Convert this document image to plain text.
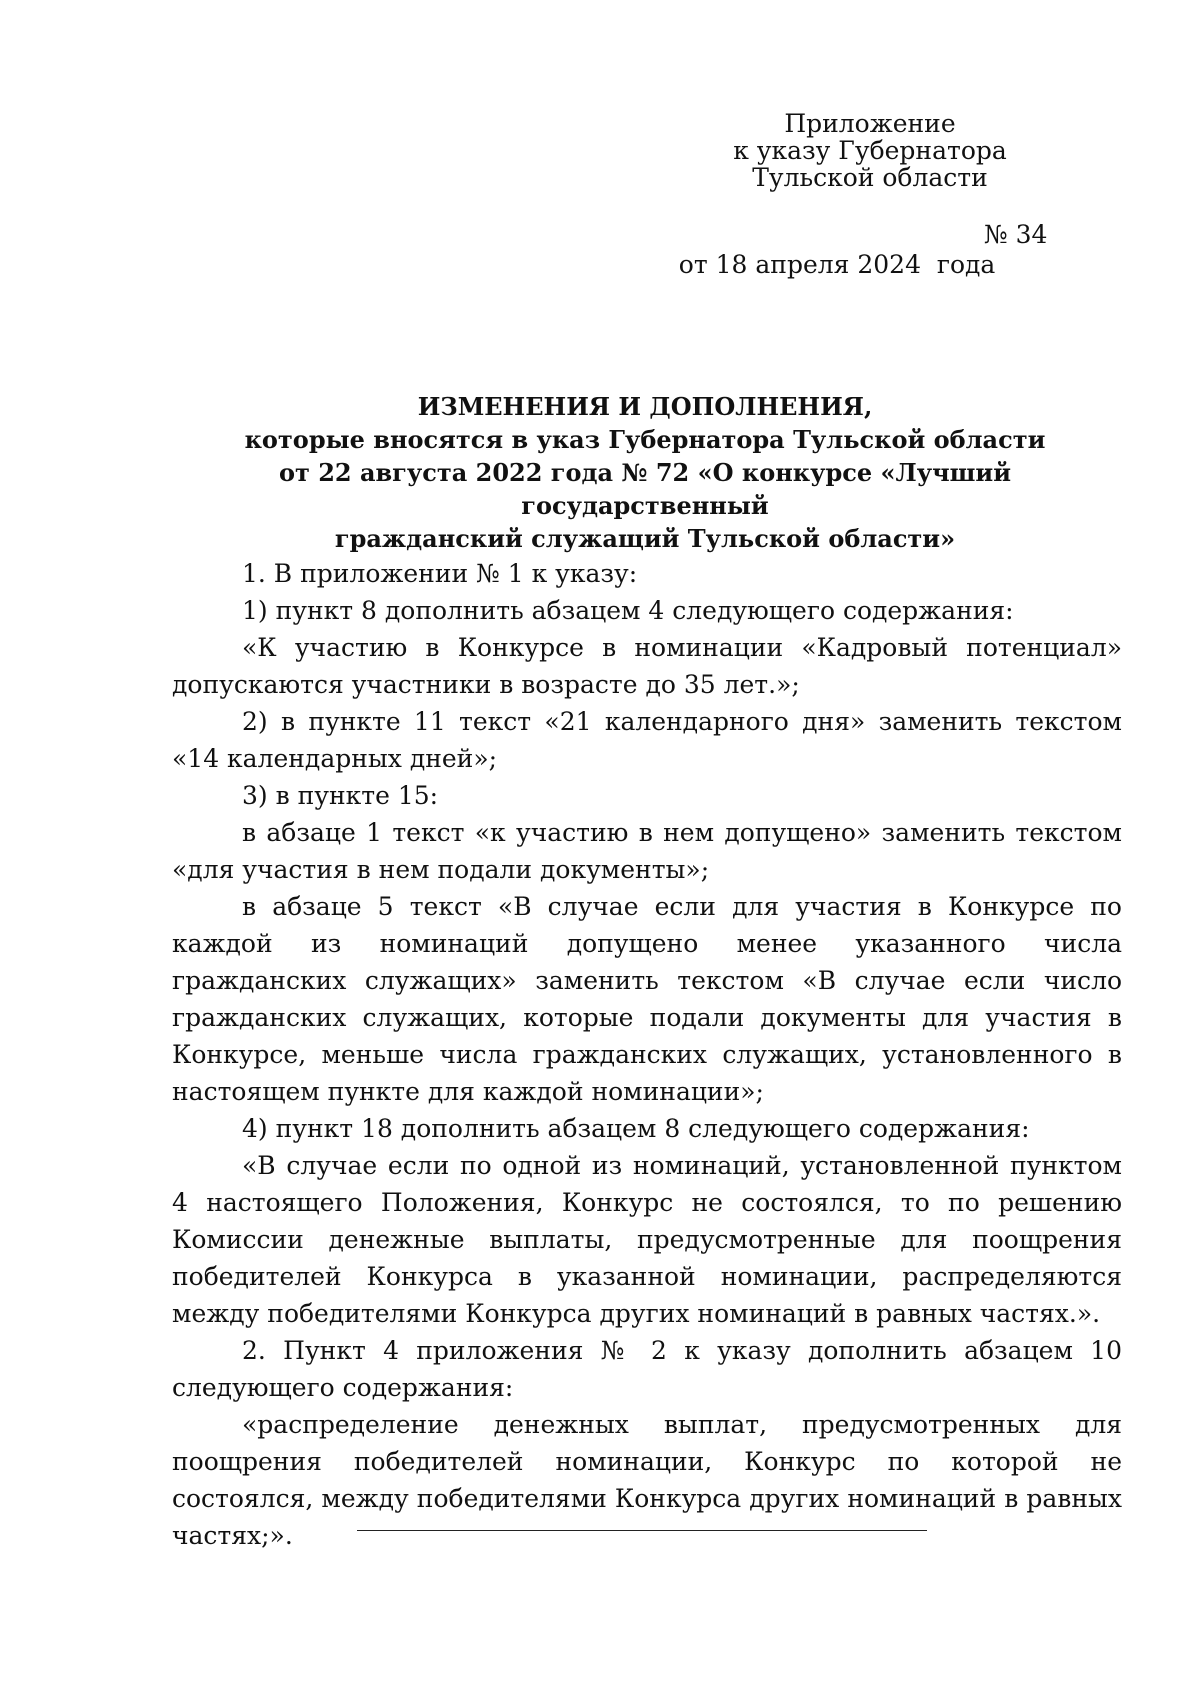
Приложение
к указу Губернатора
Тульской области

от 18 апреля 2024  года

№ 34

ИЗМЕНЕНИЯ И ДОПОЛНЕНИЯ,
которые вносятся в указ Губернатора Тульской области
от 22 августа 2022 года № 72 «О конкурсе «Лучший государственный
гражданский служащий Тульской области»

1. В приложении № 1 к указу:

1) пункт 8 дополнить абзацем 4 следующего содержания:

«К участию в Конкурсе в номинации «Кадровый потенциал» допускаются участники в возрасте до 35 лет.»;

2) в пункте 11 текст «21 календарного дня» заменить текстом «14 календарных дней»;

3) в пункте 15:

в абзаце 1 текст «к участию в нем допущено» заменить текстом «для участия в нем подали документы»;

в абзаце 5 текст «В случае если для участия в Конкурсе по каждой из номинаций допущено менее указанного числа гражданских служащих» заменить текстом «В случае если число гражданских служащих, которые подали документы для участия в Конкурсе, меньше числа гражданских служащих, установленного в настоящем пункте для каждой номинации»;

4) пункт 18 дополнить абзацем 8 следующего содержания:

«В случае если по одной из номинаций, установленной пунктом 4 настоящего Положения, Конкурс не состоялся, то по решению Комиссии денежные выплаты, предусмотренные для поощрения победителей Конкурса в указанной номинации, распределяются между победителями Конкурса других номинаций в равных частях.».

2. Пункт 4 приложения № 2 к указу дополнить абзацем 10 следующего содержания:

«распределение денежных выплат, предусмотренных для поощрения победителей номинации, Конкурс по которой не состоялся, между победителями Конкурса других номинаций в равных частях;».
